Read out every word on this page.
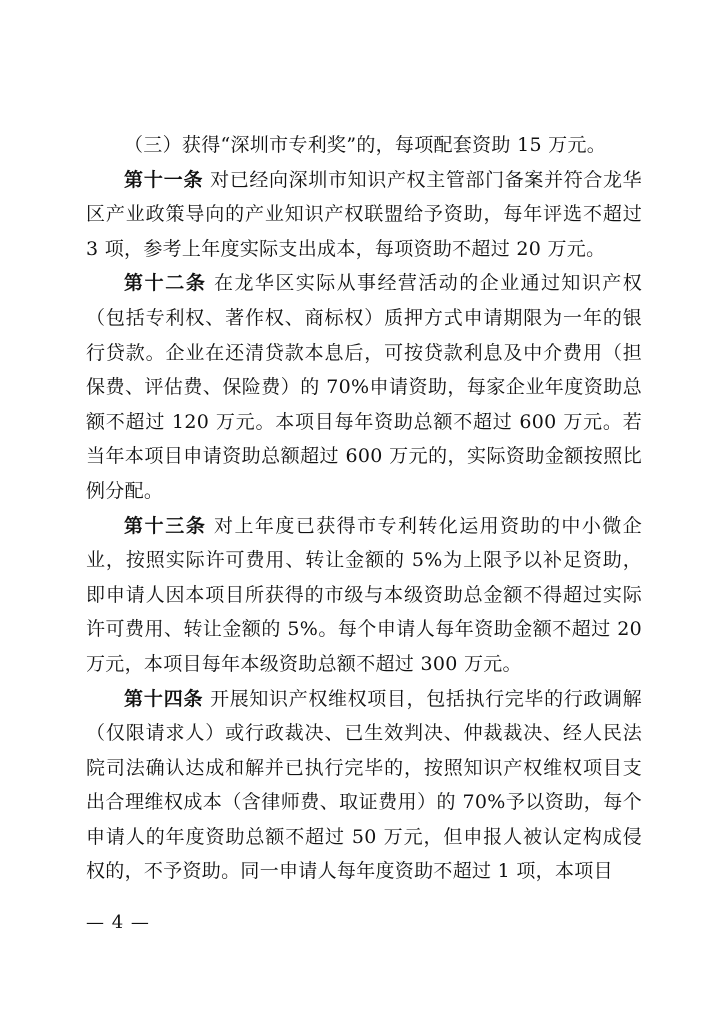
（三）获得“深圳市专利奖”的，每项配套资助 15 万元。

第十一条 对已经向深圳市知识产权主管部门备案并符合龙华区产业政策导向的产业知识产权联盟给予资助，每年评选不超过 3 项，参考上年度实际支出成本，每项资助不超过 20 万元。

第十二条 在龙华区实际从事经营活动的企业通过知识产权（包括专利权、著作权、商标权）质押方式申请期限为一年的银行贷款。企业在还清贷款本息后，可按贷款利息及中介费用（担保费、评估费、保险费）的 70%申请资助，每家企业年度资助总额不超过 120 万元。本项目每年资助总额不超过 600 万元。若当年本项目申请资助总额超过 600 万元的，实际资助金额按照比例分配。

第十三条 对上年度已获得市专利转化运用资助的中小微企业，按照实际许可费用、转让金额的 5%为上限予以补足资助，即申请人因本项目所获得的市级与本级资助总金额不得超过实际许可费用、转让金额的 5%。每个申请人每年资助金额不超过 20 万元，本项目每年本级资助总额不超过 300 万元。

第十四条 开展知识产权维权项目，包括执行完毕的行政调解（仅限请求人）或行政裁决、已生效判决、仲裁裁决、经人民法院司法确认达成和解并已执行完毕的，按照知识产权维权项目支出合理维权成本（含律师费、取证费用）的 70%予以资助，每个申请人的年度资助总额不超过 50 万元，但申报人被认定构成侵权的，不予资助。同一申请人每年度资助不超过 1 项，本项目

— 4 —
